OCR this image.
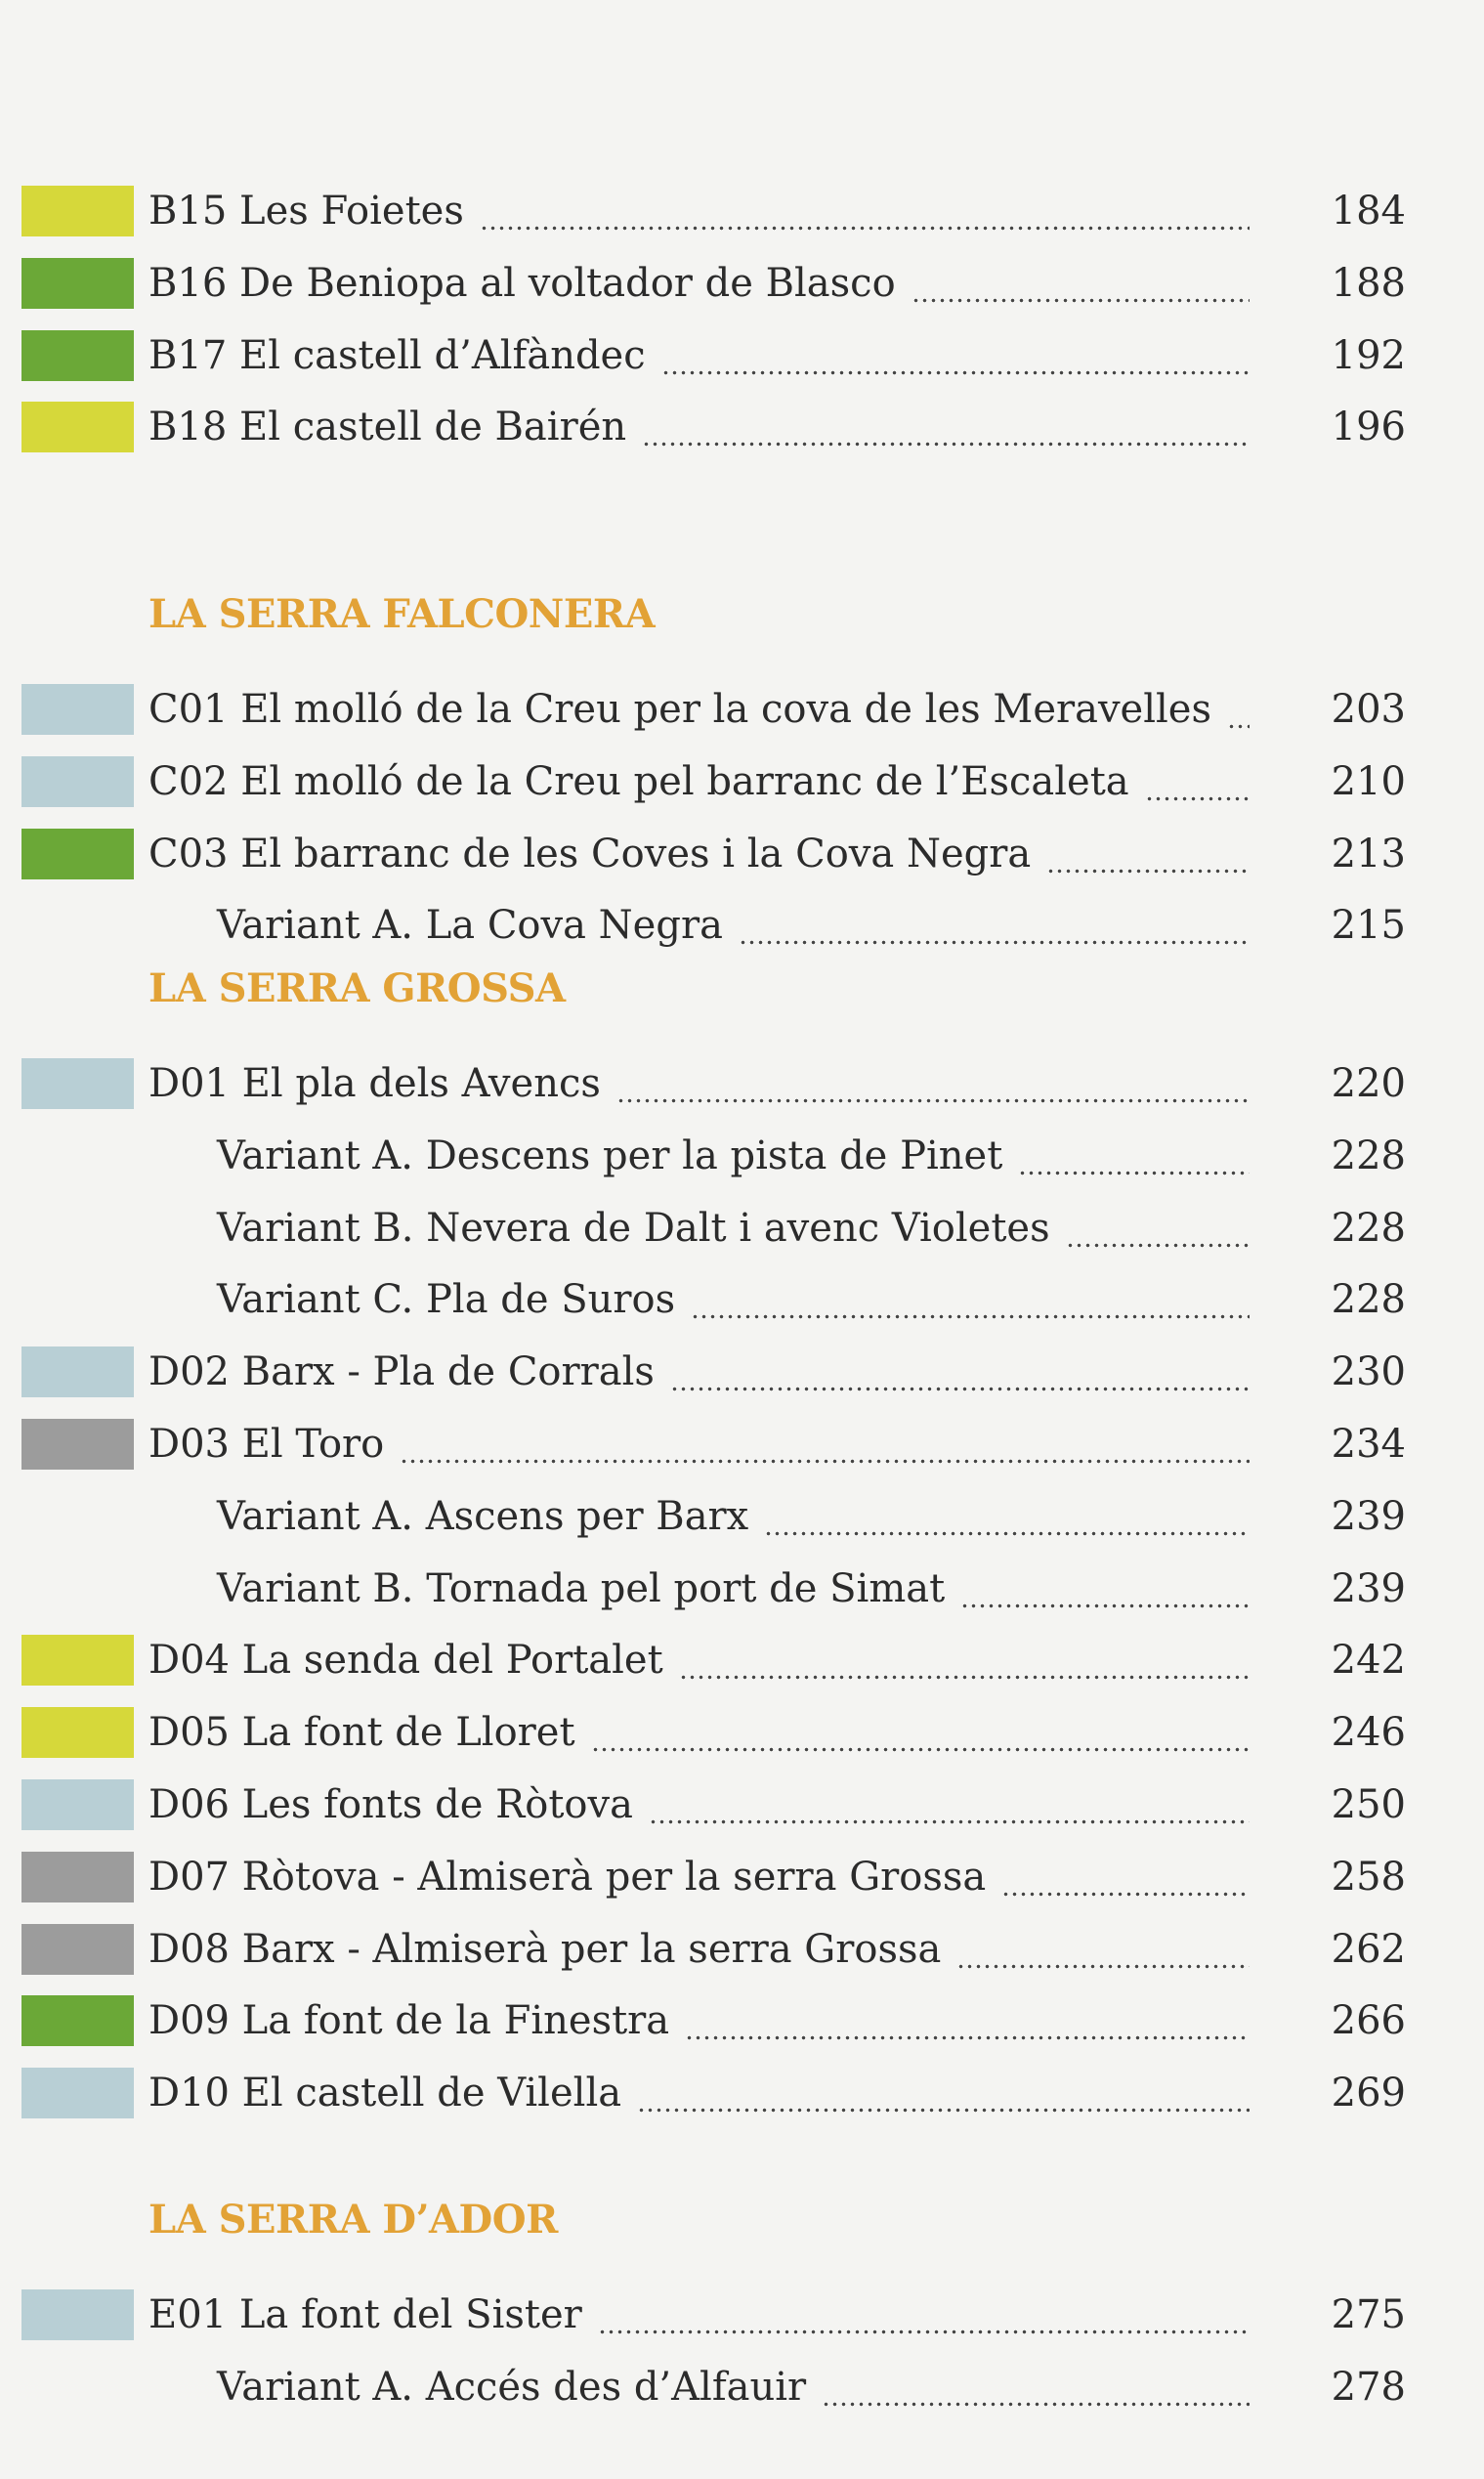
B15 Les Foietes	184
B16 De Beniopa al voltador de Blasco	188
B17 El castell d’Alfàndec	192
B18 El castell de Bairén	196
LA SERRA FALCONERA
C01 El molló de la Creu per la cova de les Meravelles	203
C02 El molló de la Creu pel barranc de l’Escaleta	210
C03 El barranc de les Coves i la Cova Negra	213
Variant A. La Cova Negra	215
LA SERRA GROSSA
D01 El pla dels Avencs	220
Variant A. Descens per la pista de Pinet	228
Variant B. Nevera de Dalt i avenc Violetes	228
Variant C. Pla de Suros	228
D02 Barx - Pla de Corrals	230
D03 El Toro	234
Variant A. Ascens per Barx	239
Variant B. Tornada pel port de Simat	239
D04 La senda del Portalet	242
D05 La font de Lloret	246
D06 Les fonts de Ròtova	250
D07 Ròtova - Almiserà per la serra Grossa	258
D08 Barx - Almiserà per la serra Grossa	262
D09 La font de la Finestra	266
D10 El castell de Vilella	269
LA SERRA D’ADOR
E01 La font del Sister	275
Variant A. Accés des d’Alfauir	278
